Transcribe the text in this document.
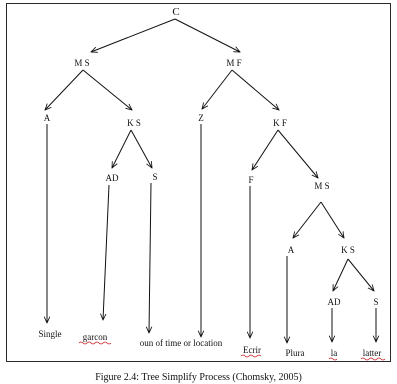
C
M S	M F
A	K S	Z	K F
AD	S	F
M S
A	K S
AD	S
Single garcon
oun of time or location
Ecrir	Plura	la	latter
Figure 2.4: Tree Simplify Process (Chomsky, 2005)
